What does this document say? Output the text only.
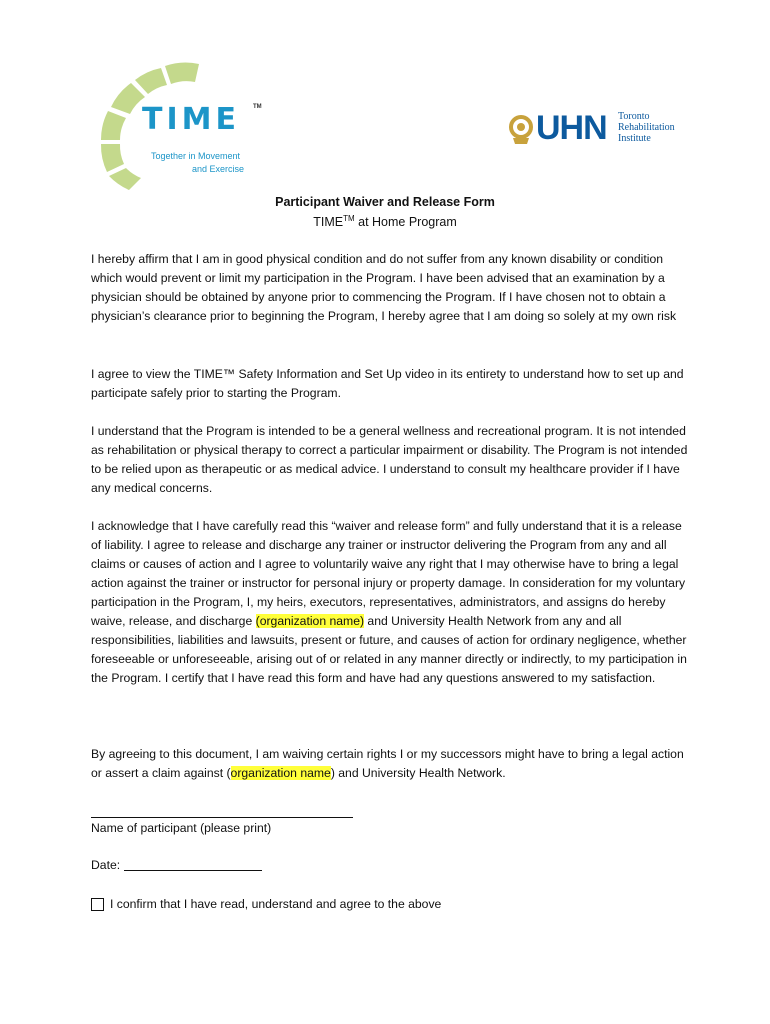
TIME TM
Together in Movement
and Exercise
UHN Toronto
Rehabilitation
Institute
Participant Waiver and Release Form
TIME™ at Home Program

I hereby affirm that I am in good physical condition and do not suffer from any known disability or condition which would prevent or limit my participation in the Program. I have been advised that an examination by a physician should be obtained by anyone prior to commencing the Program. If I have chosen not to obtain a physician’s clearance prior to beginning the Program, I hereby agree that I am doing so solely at my own risk

I agree to view the TIME™ Safety Information and Set Up video in its entirety to understand how to set up and participate safely prior to starting the Program.

I understand that the Program is intended to be a general wellness and recreational program. It is not intended as rehabilitation or physical therapy to correct a particular impairment or disability. The Program is not intended to be relied upon as therapeutic or as medical advice. I understand to consult my healthcare provider if I have any medical concerns.

I acknowledge that I have carefully read this “waiver and release form” and fully understand that it is a release of liability. I agree to release and discharge any trainer or instructor delivering the Program from any and all claims or causes of action and I agree to voluntarily waive any right that I may otherwise have to bring a legal action against the trainer or instructor for personal injury or property damage. In consideration for my voluntary participation in the Program, I, my heirs, executors, representatives, administrators, and assigns do hereby waive, release, and discharge (organization name) and University Health Network from any and all responsibilities, liabilities and lawsuits, present or future, and causes of action for ordinary negligence, whether foreseeable or unforeseeable, arising out of or related in any manner directly or indirectly, to my participation in the Program. I certify that I have read this form and have had any questions answered to my satisfaction.

By agreeing to this document, I am waiving certain rights I or my successors might have to bring a legal action or assert a claim against (organization name) and University Health Network.

Name of participant (please print)
Date:
I confirm that I have read, understand and agree to the above
